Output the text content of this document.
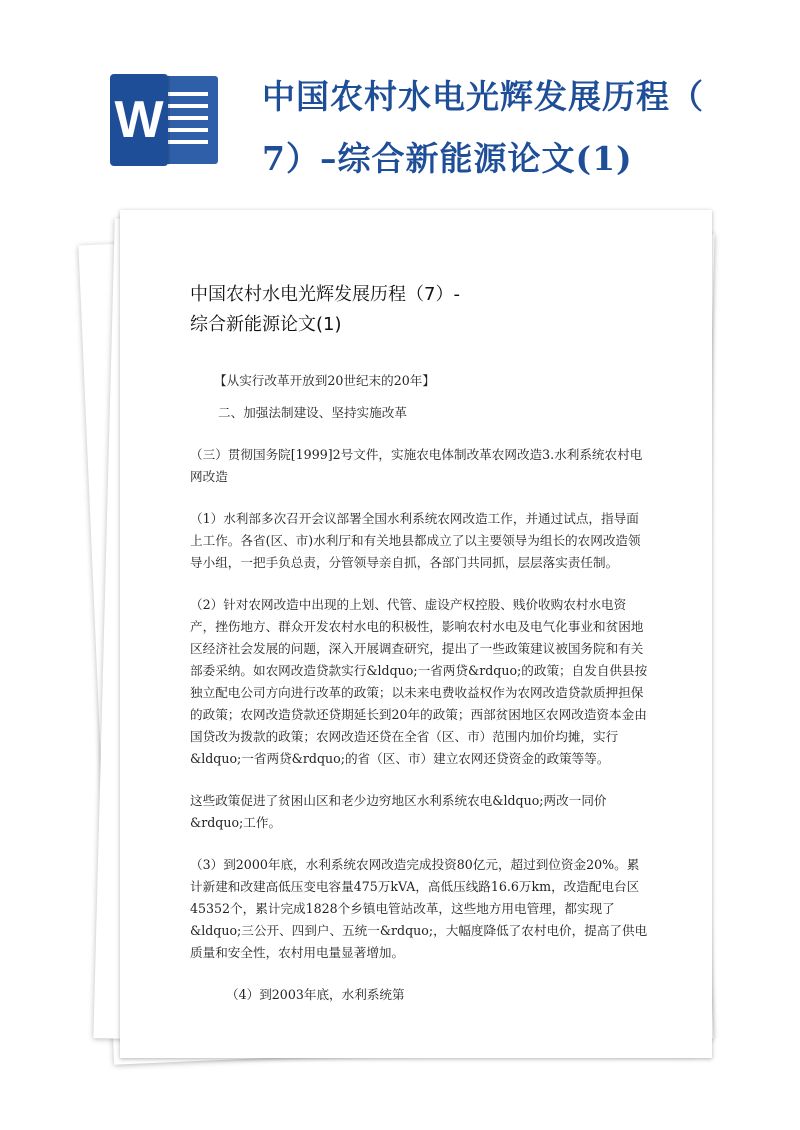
W	中国农村水电光辉发展历程（
7）–综合新能源论文(1)
中国农村水电光辉发展历程（7）-
综合新能源论文(1)

【从实行改革开放到20世纪末的20年】

二、加强法制建设、坚持实施改革

（三）贯彻国务院[1999]2号文件，实施农电体制改革农网改造3.水利系统农村电网改造

（1）水利部多次召开会议部署全国水利系统农网改造工作，并通过试点，指导面上工作。各省(区、市)水利厅和有关地县都成立了以主要领导为组长的农网改造领导小组，一把手负总责，分管领导亲自抓，各部门共同抓，层层落实责任制。

（2）针对农网改造中出现的上划、代管、虚设产权控股、贱价收购农村水电资产，挫伤地方、群众开发农村水电的积极性，影响农村水电及电气化事业和贫困地区经济社会发展的问题，深入开展调查研究，提出了一些政策建议被国务院和有关部委采纳。如农网改造贷款实行&ldquo;一省两贷&rdquo;的政策；自发自供县按独立配电公司方向进行改革的政策；以未来电费收益权作为农网改造贷款质押担保的政策；农网改造贷款还贷期延长到20年的政策；西部贫困地区农网改造资本金由国贷改为拨款的政策；农网改造还贷在全省（区、市）范围内加价均摊，实行&ldquo;一省两贷&rdquo;的省（区、市）建立农网还贷资金的政策等等。

这些政策促进了贫困山区和老少边穷地区水利系统农电&ldquo;两改一同价&rdquo;工作。

（3）到2000年底，水利系统农网改造完成投资80亿元，超过到位资金20%。累计新建和改建高低压变电容量475万kVA，高低压线路16.6万km，改造配电台区45352个，累计完成1828个乡镇电管站改革，这些地方用电管理，都实现了&ldquo;三公开、四到户、五统一&rdquo;，大幅度降低了农村电价，提高了供电质量和安全性，农村用电量显著增加。

（4）到2003年底，水利系统第
